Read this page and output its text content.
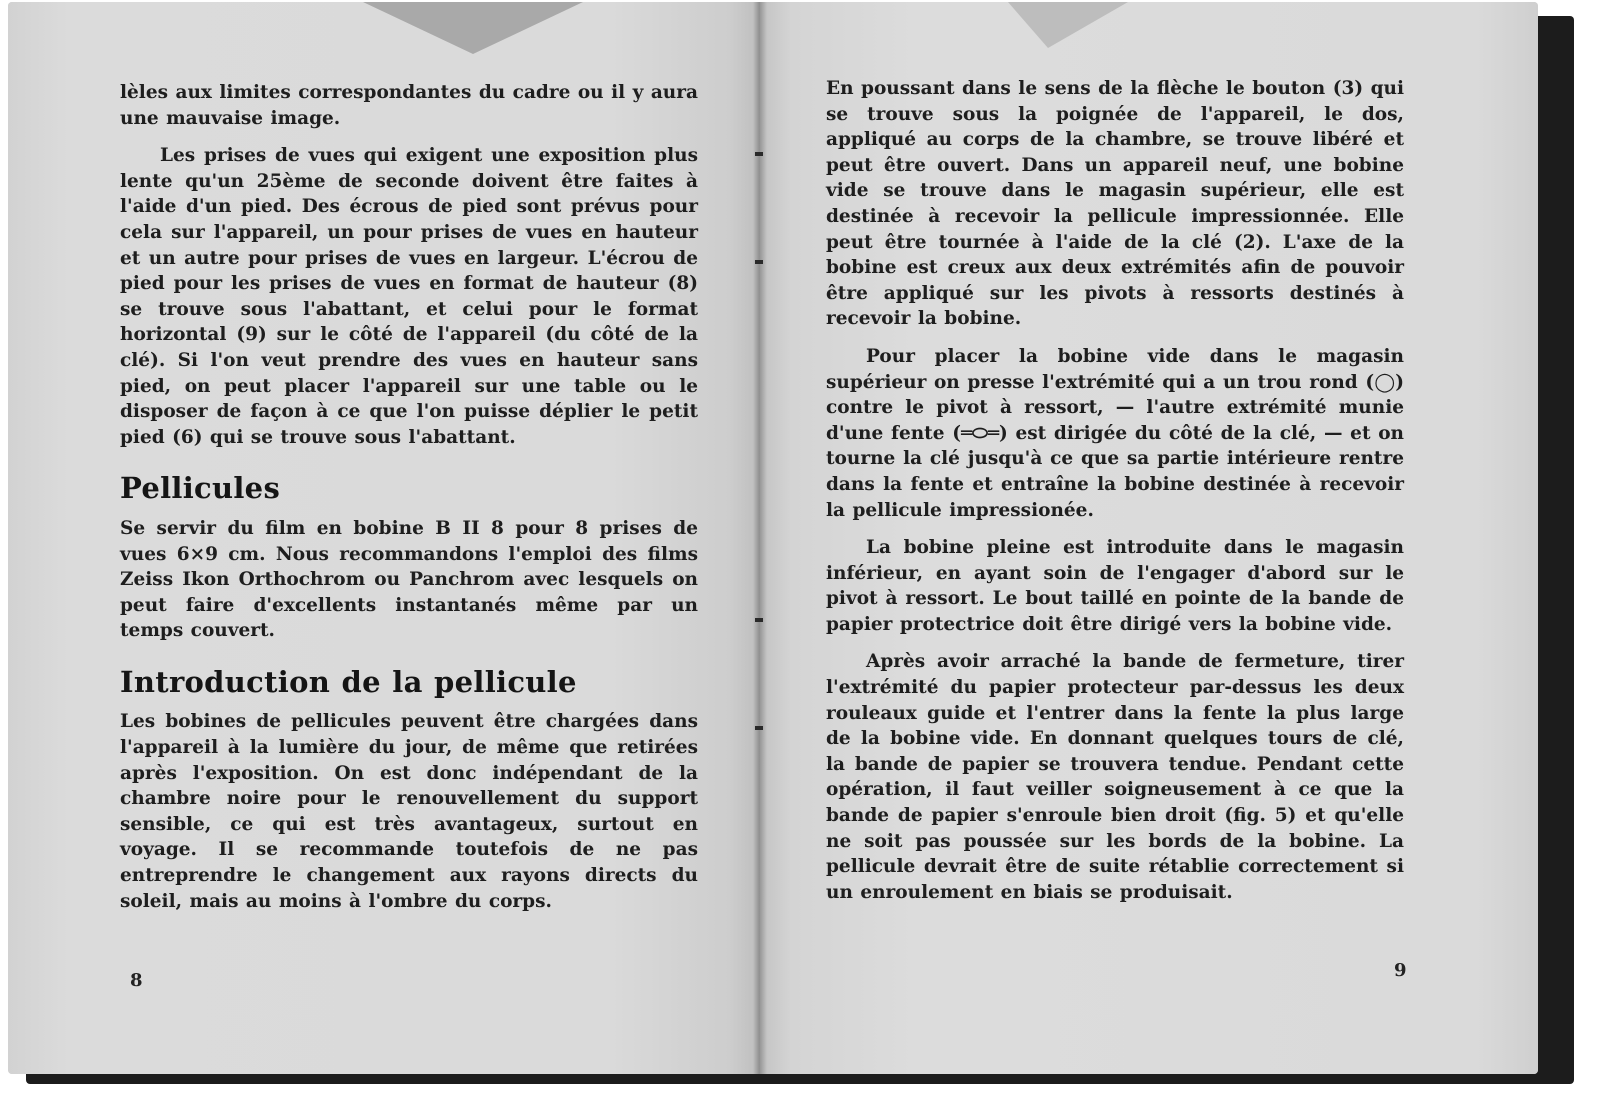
lèles aux limites correspondantes du cadre ou il y aura une mauvaise image.

Les prises de vues qui exigent une exposition plus lente qu'un 25ème de seconde doivent être faites à l'aide d'un pied. Des écrous de pied sont prévus pour cela sur l'appareil, un pour prises de vues en hauteur et un autre pour prises de vues en largeur. L'écrou de pied pour les prises de vues en format de hauteur (8) se trouve sous l'abattant, et celui pour le format horizontal (9) sur le côté de l'appareil (du côté de la clé). Si l'on veut prendre des vues en hauteur sans pied, on peut placer l'appareil sur une table ou le disposer de façon à ce que l'on puisse déplier le petit pied (6) qui se trouve sous l'abattant.

Pellicules

Se servir du film en bobine B II 8 pour 8 prises de vues 6×9 cm. Nous recommandons l'emploi des films Zeiss Ikon Orthochrom ou Panchrom avec lesquels on peut faire d'excellents instantanés même par un temps couvert.

Introduction de la pellicule

Les bobines de pellicules peuvent être chargées dans l'appareil à la lumière du jour, de même que retirées après l'exposition. On est donc indépendant de la chambre noire pour le renouvellement du support sensible, ce qui est très avantageux, surtout en voyage. Il se recommande toutefois de ne pas entreprendre le changement aux rayons directs du soleil, mais au moins à l'ombre du corps.

8

En poussant dans le sens de la flèche le bouton (3) qui se trouve sous la poignée de l'appareil, le dos, appliqué au corps de la chambre, se trouve libéré et peut être ouvert. Dans un appareil neuf, une bobine vide se trouve dans le magasin supérieur, elle est destinée à recevoir la pellicule impressionnée. Elle peut être tournée à l'aide de la clé (2). L'axe de la bobine est creux aux deux extrémités afin de pouvoir être appliqué sur les pivots à ressorts destinés à recevoir la bobine.

Pour placer la bobine vide dans le magasin supérieur on presse l'extrémité qui a un trou rond (◯) contre le pivot à ressort, — l'autre extrémité munie d'une fente (═⬭═) est dirigée du côté de la clé, — et on tourne la clé jusqu'à ce que sa partie intérieure rentre dans la fente et entraîne la bobine destinée à recevoir la pellicule impressionée.

La bobine pleine est introduite dans le magasin inférieur, en ayant soin de l'engager d'abord sur le pivot à ressort. Le bout taillé en pointe de la bande de papier protectrice doit être dirigé vers la bobine vide.

Après avoir arraché la bande de fermeture, tirer l'extrémité du papier protecteur par-dessus les deux rouleaux guide et l'entrer dans la fente la plus large de la bobine vide. En donnant quelques tours de clé, la bande de papier se trouvera tendue. Pendant cette opération, il faut veiller soigneusement à ce que la bande de papier s'enroule bien droit (fig. 5) et qu'elle ne soit pas poussée sur les bords de la bobine. La pellicule devrait être de suite rétablie correctement si un enroulement en biais se produisait.

9
